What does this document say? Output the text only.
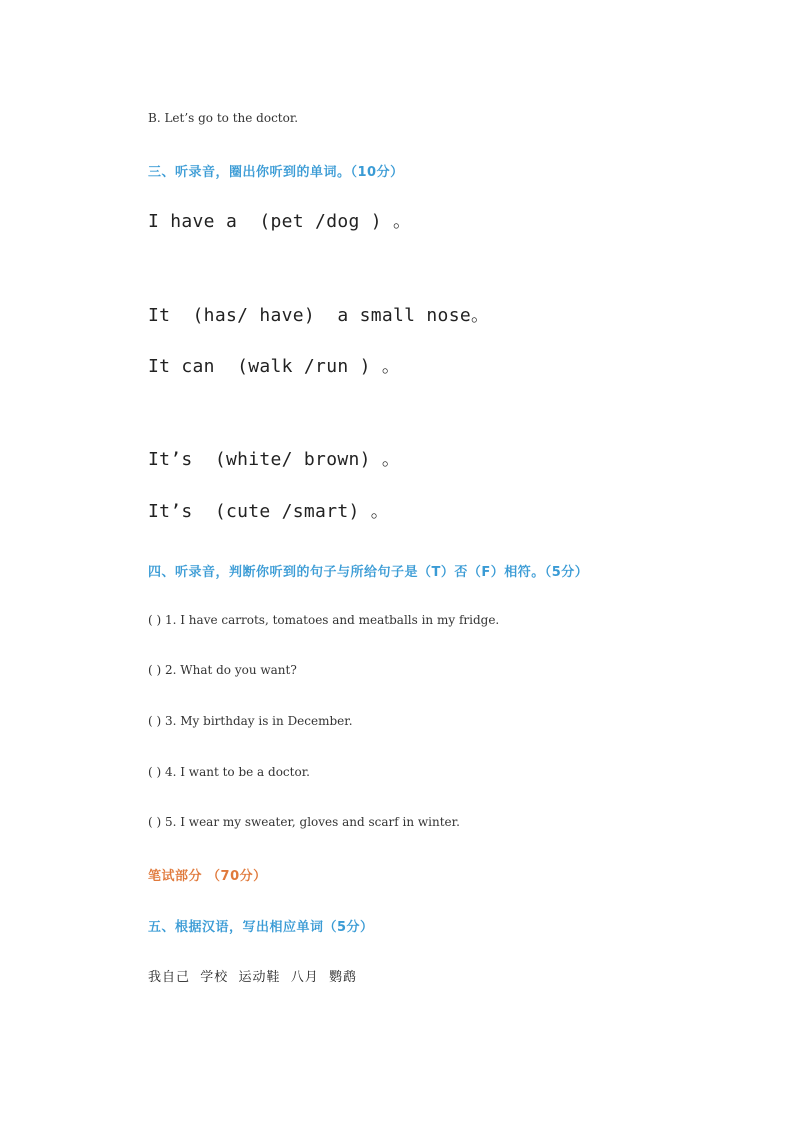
B. Let’s go to the doctor.
三、听录音，圈出你听到的单词。（10分）
I have a  (pet /dog ) 。
It  (has/ have)  a small nose。
It can  (walk /run ) 。
It’s  (white/ brown) 。
It’s  (cute /smart) 。
四、听录音，判断你听到的句子与所给句子是（T）否（F）相符。（5分）
( ) 1. I have carrots, tomatoes and meatballs in my fridge.
( ) 2. What do you want?
( ) 3. My birthday is in December.
( ) 4. I want to be a doctor.
( ) 5. I wear my sweater, gloves and scarf in winter.
笔试部分 （70分）
五、根据汉语，写出相应单词（5分）
我自己  学校  运动鞋  八月  鹦鹉
